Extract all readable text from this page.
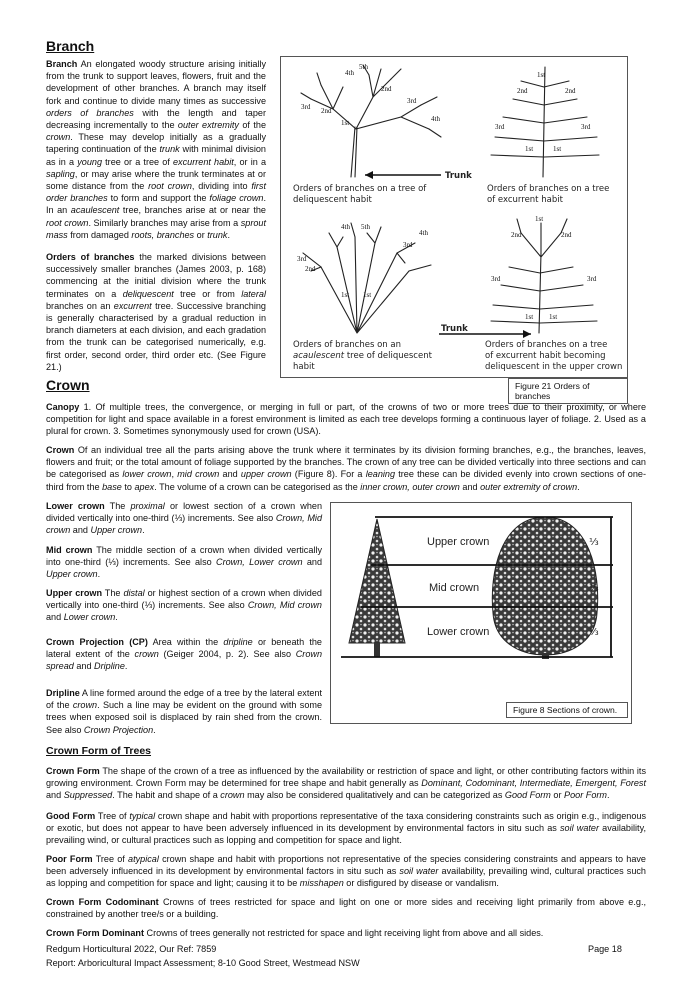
Branch

Branch An elongated woody structure arising initially from the trunk to support leaves, flowers, fruit and the development of other branches. A branch may itself fork and continue to divide many times as successive orders of branches with the length and taper decreasing incrementally to the outer extremity of the crown. These may develop initially as a gradually tapering continuation of the trunk with minimal division as in a young tree or a tree of excurrent habit, or in a sapling, or may arise where the trunk terminates at or some distance from the root crown, dividing into first order branches to form and support the foliage crown. In an acaulescent tree, branches arise at or near the root crown. Similarly branches may arise from a sprout mass from damaged roots, branches or trunk.

Orders of branches the marked divisions between successively smaller branches (James 2003, p. 168) commencing at the initial division where the trunk terminates on a deliquescent tree or from lateral branches on an excurrent tree. Successive branching is generally characterised by a gradual reduction in branch diameters at each division, and each gradation from the trunk can be categorised numerically, e.g. first order, second order, third order etc. (See Figure 21.)

1st
2nd
3rd
4th
5th
2nd
3rd
4th
Orders of branches on a tree of
deliquescent habit
Trunk
1st
2nd	2nd
3rd	3rd
1st	1st
Orders of branches on a tree
of excurrent habit
1st 1st
2nd
3rd
4th 5th
3rd
4th
Orders of branches on an
acaulescent tree of deliquescent
habit
Trunk
1st
2nd	2nd
3rd	3rd
1st 1st
Orders of branches on a tree
of excurrent habit becoming
deliquescent in the upper crown
Figure 21 Orders of branches
Crown

Canopy 1. Of multiple trees, the convergence, or merging in full or part, of the crowns of two or more trees due to their proximity, or where competition for light and space available in a forest environment is limited as each tree develops forming a continuous layer of foliage. 2. Used as a plural for crown. 3. Sometimes synonymously used for crown (USA).

Crown Of an individual tree all the parts arising above the trunk where it terminates by its division forming branches, e.g., the branches, leaves, flowers and fruit; or the total amount of foliage supported by the branches. The crown of any tree can be divided vertically into three sections and can be categorised as lower crown, mid crown and upper crown (Figure 8). For a leaning tree these can be divided evenly into crown sections of one-third from the base to apex. The volume of a crown can be categorised as the inner crown, outer crown and outer extremity of crown.

Lower crown The proximal or lowest section of a crown when divided vertically into one-third (⅓) increments. See also Crown, Mid crown and Upper crown.

Mid crown The middle section of a crown when divided vertically into one-third (⅓) increments. See also Crown, Lower crown and Upper crown.

Upper crown The distal or highest section of a crown when divided vertically into one-third (⅓) increments. See also Crown, Mid crown and Lower crown.

Crown Projection (CP) Area within the dripline or beneath the lateral extent of the crown (Geiger 2004, p. 2). See also Crown spread and Dripline.

Dripline A line formed around the edge of a tree by the lateral extent of the crown. Such a line may be evident on the ground with some trees when exposed soil is displaced by rain shed from the crown. See also Crown Projection.

Upper crown
Mid crown
Lower crown
⅓
⅓
⅓
Figure 8 Sections of crown.
Crown Form of Trees

Crown Form The shape of the crown of a tree as influenced by the availability or restriction of space and light, or other contributing factors within its growing environment. Crown Form may be determined for tree shape and habit generally as Dominant, Codominant, Intermediate, Emergent, Forest and Suppressed. The habit and shape of a crown may also be considered qualitatively and can be categorized as Good Form or Poor Form.

Good Form Tree of typical crown shape and habit with proportions representative of the taxa considering constraints such as origin e.g., indigenous or exotic, but does not appear to have been adversely influenced in its development by environmental factors in situ such as soil water availability, prevailing wind, or cultural practices such as lopping and competition for space and light.

Poor Form Tree of atypical crown shape and habit with proportions not representative of the species considering constraints and appears to have been adversely influenced in its development by environmental factors in situ such as soil water availability, prevailing wind, cultural practices such as lopping and competition for space and light; causing it to be misshapen or disfigured by disease or vandalism.

Crown Form Codominant Crowns of trees restricted for space and light on one or more sides and receiving light primarily from above e.g., constrained by another tree/s or a building.

Crown Form Dominant Crowns of trees generally not restricted for space and light receiving light from above and all sides.

Redgum Horticultural 2022, Our Ref: 7859	Page 18
Report: Arboricultural Impact Assessment; 8-10 Good Street, Westmead NSW
